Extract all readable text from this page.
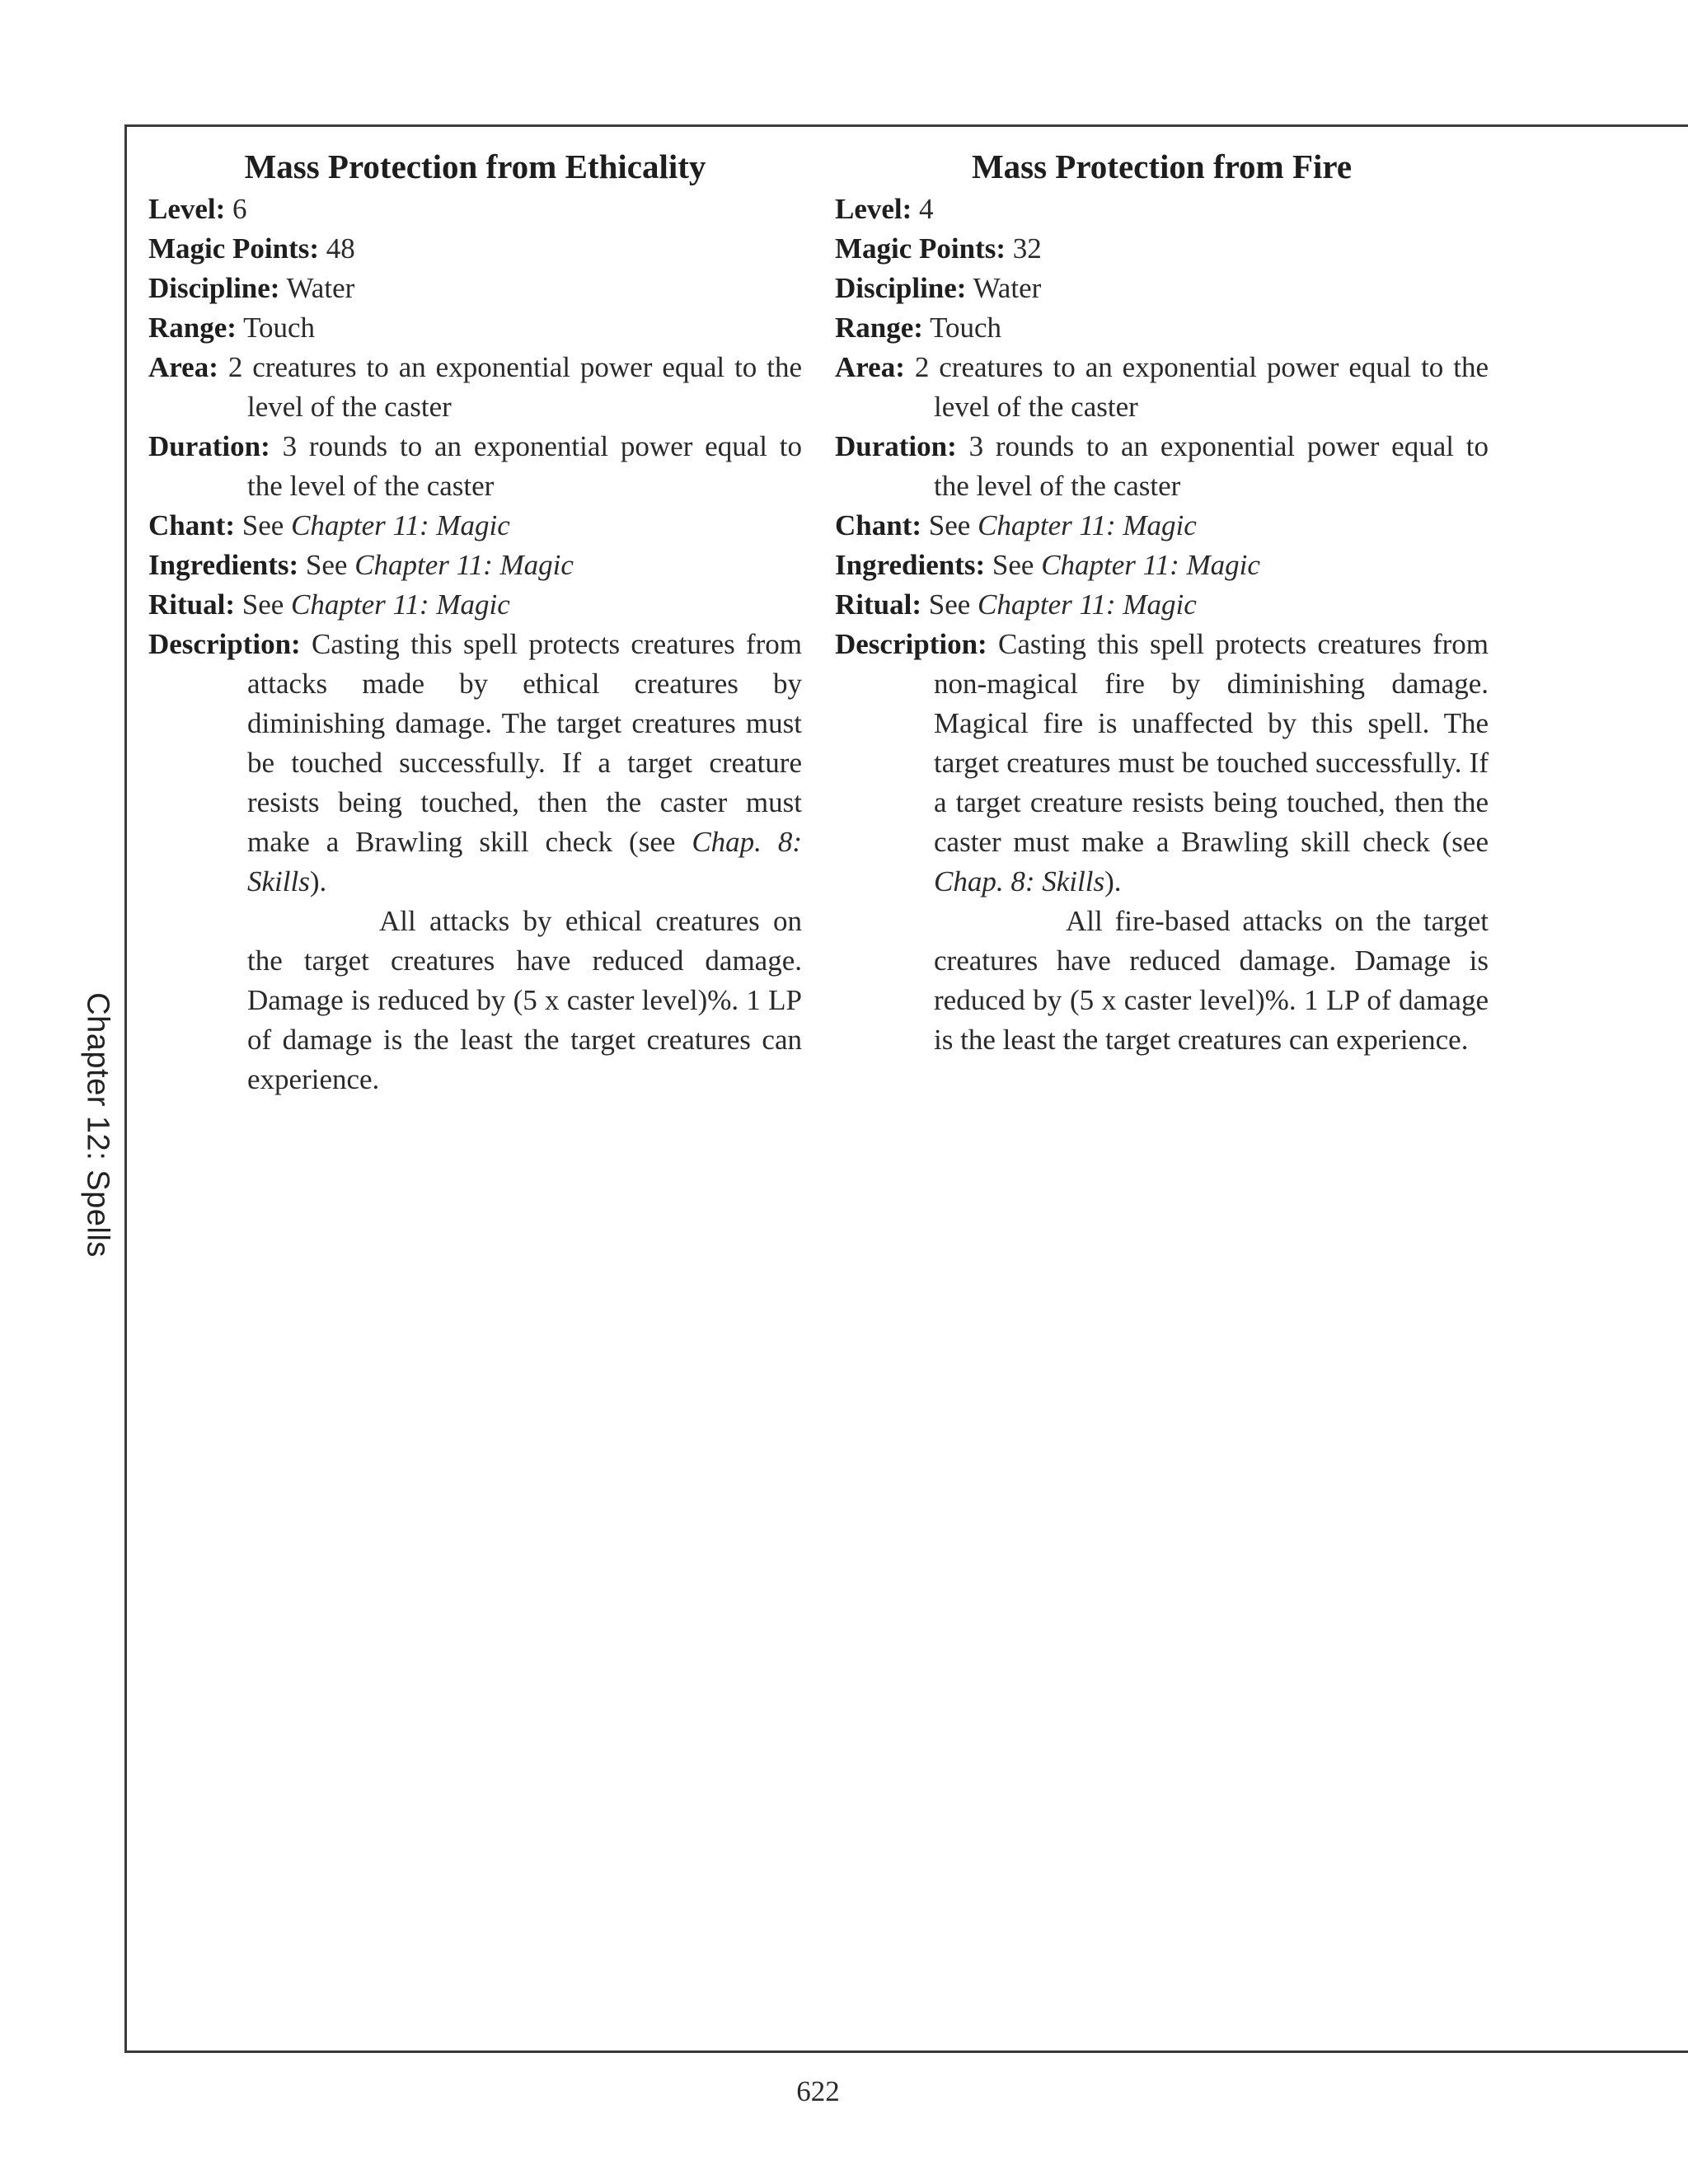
Chapter 12: Spells
Mass Protection from Ethicality

Level: 6

Magic Points: 48

Discipline: Water

Range: Touch

Area: 2 creatures to an exponential power equal to the level of the caster

Duration: 3 rounds to an exponential power equal to the level of the caster

Chant: See Chapter 11: Magic

Ingredients: See Chapter 11: Magic

Ritual: See Chapter 11: Magic

Description: Casting this spell protects creatures from attacks made by ethical creatures by diminishing damage. The target creatures must be touched successfully. If a target creature resists being touched, then the caster must make a Brawling skill check (see Chap. 8: Skills).

All attacks by ethical creatures on the target creatures have reduced damage. Damage is reduced by (5 x caster level)%. 1 LP of damage is the least the target creatures can experience.

Mass Protection from Fire

Level: 4

Magic Points: 32

Discipline: Water

Range: Touch

Area: 2 creatures to an exponential power equal to the level of the caster

Duration: 3 rounds to an exponential power equal to the level of the caster

Chant: See Chapter 11: Magic

Ingredients: See Chapter 11: Magic

Ritual: See Chapter 11: Magic

Description: Casting this spell protects creatures from non-magical fire by diminishing damage. Magical fire is unaffected by this spell. The target creatures must be touched successfully. If a target creature resists being touched, then the caster must make a Brawling skill check (see Chap. 8: Skills).

All fire-based attacks on the target creatures have reduced damage. Damage is reduced by (5 x caster level)%. 1 LP of damage is the least the target creatures can experience.

622
